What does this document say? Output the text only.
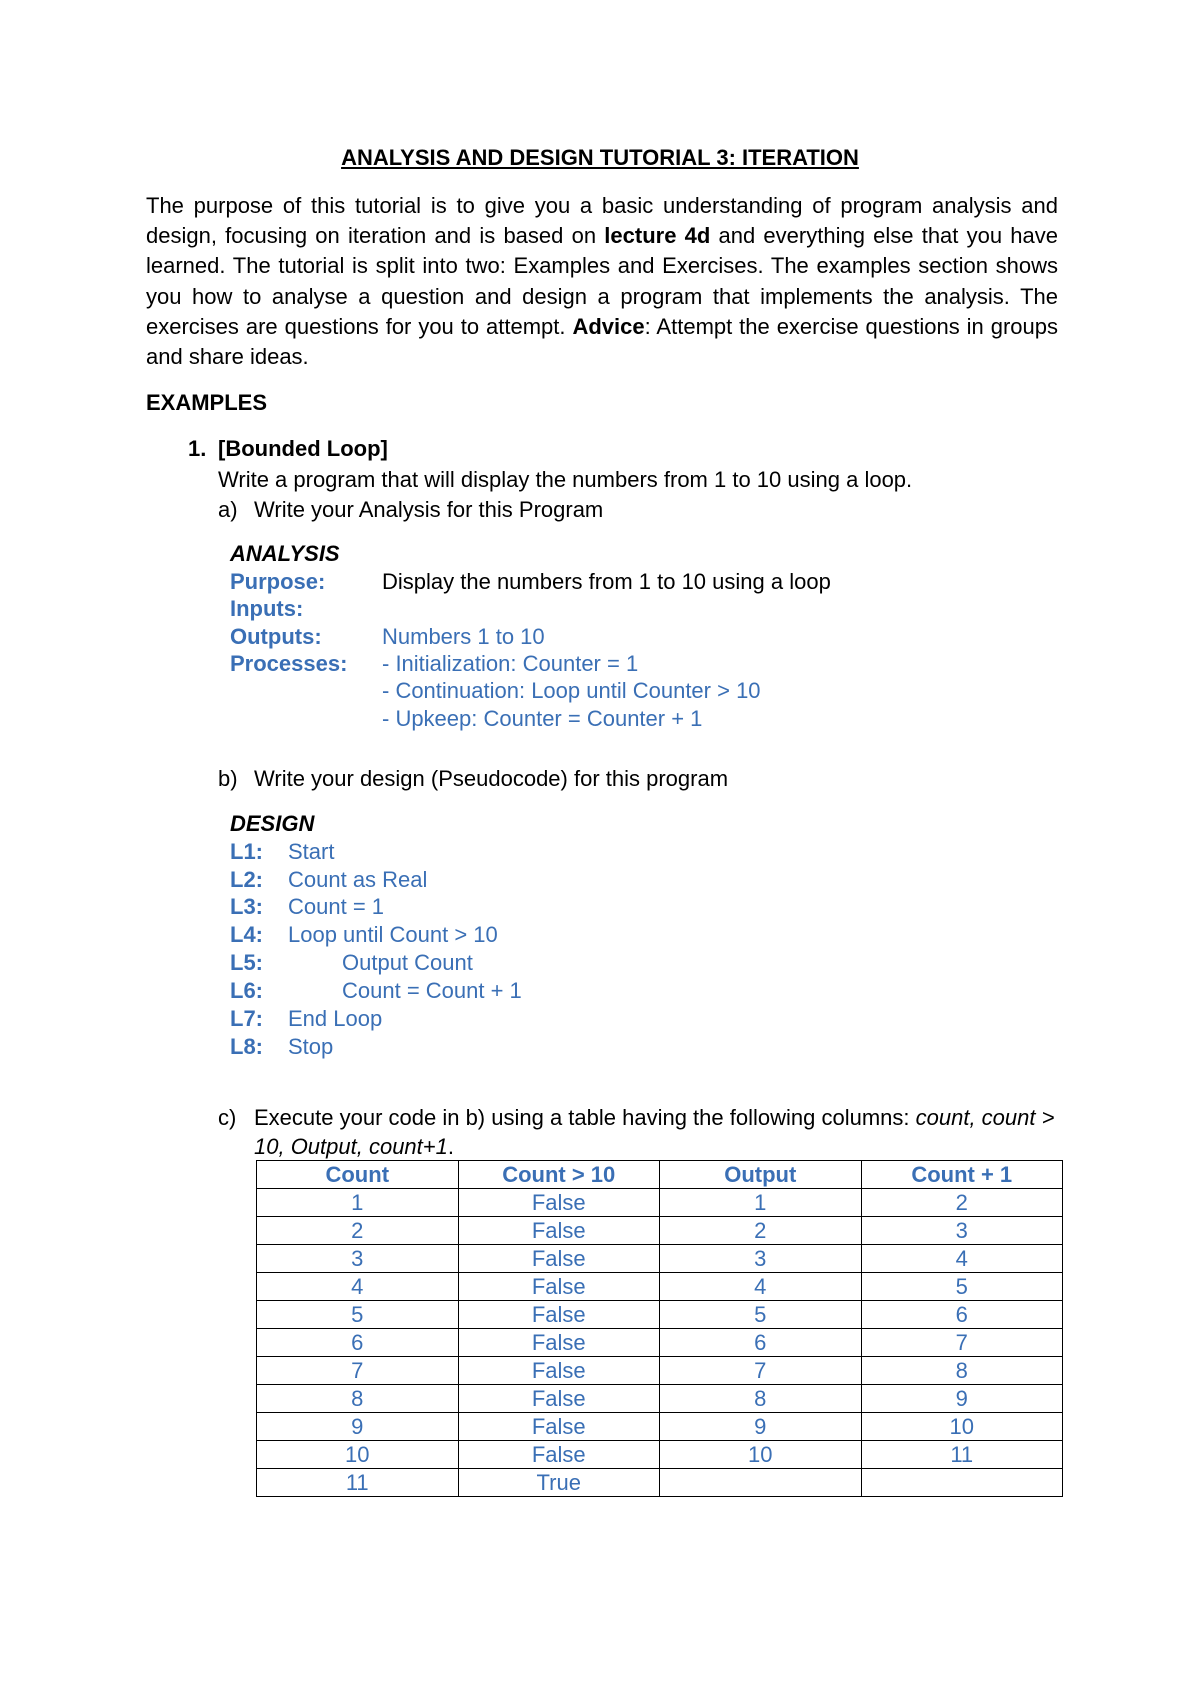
ANALYSIS AND DESIGN TUTORIAL 3: ITERATION
The purpose of this tutorial is to give you a basic understanding of program analysis and design, focusing on iteration and is based on lecture 4d and everything else that you have learned. The tutorial is split into two: Examples and Exercises. The examples section shows you how to analyse a question and design a program that implements the analysis. The exercises are questions for you to attempt. Advice: Attempt the exercise questions in groups and share ideas.
EXAMPLES
1. [Bounded Loop]
Write a program that will display the numbers from 1 to 10 using a loop.
a) Write your Analysis for this Program
ANALYSIS
Purpose:	Display the numbers from 1 to 10 using a loop
Inputs:
Outputs:	Numbers 1 to 10
Processes: - Initialization: Counter = 1
- Continuation: Loop until Counter > 10
- Upkeep: Counter = Counter + 1
b) Write your design (Pseudocode) for this program
DESIGN
L1: Start
L2: Count as Real
L3: Count = 1
L4: Loop until Count > 10
L5:	Output Count
L6:	Count = Count + 1
L7: End Loop
L8: Stop
c) Execute your code in b) using a table having the following columns: count, count > 10, Output, count+1.
Count	Count > 10	Output	Count + 1
1	False	1	2
2	False	2	3
3	False	3	4
4	False	4	5
5	False	5	6
6	False	6	7
7	False	7	8
8	False	8	9
9	False	9	10
10	False	10	11
11	True		
